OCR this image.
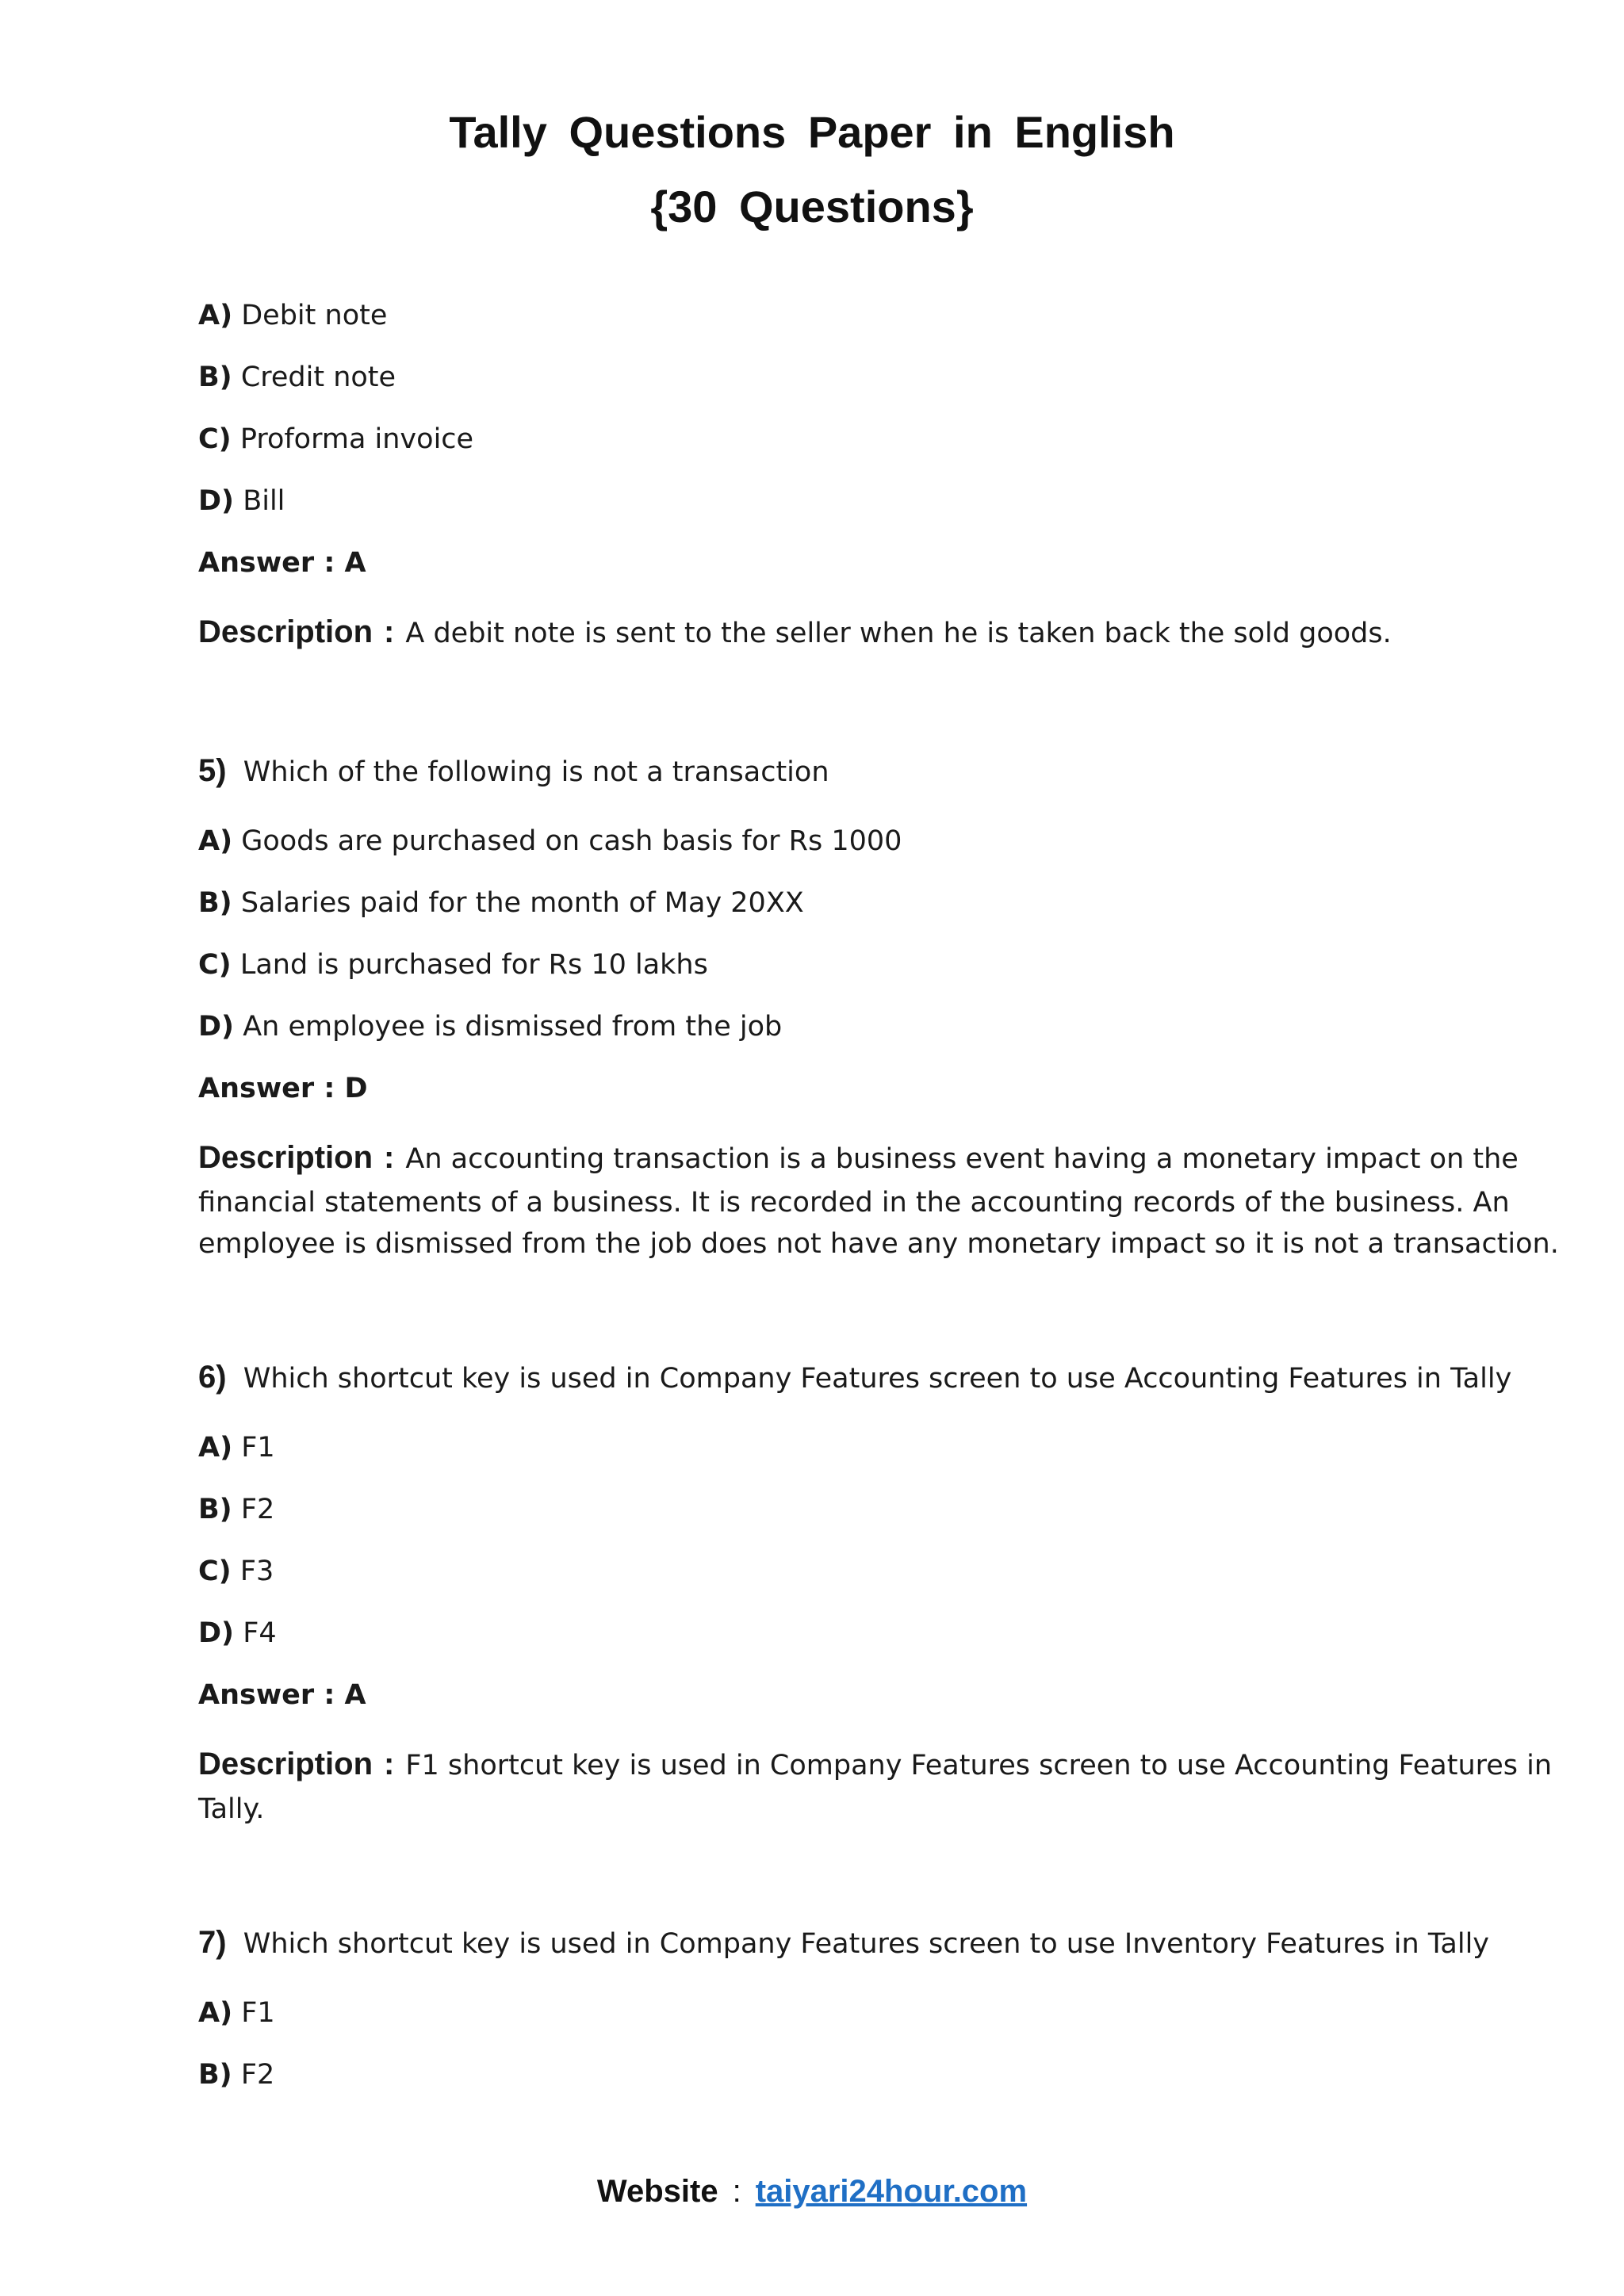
Tally Questions Paper in English
{30 Questions}
A) Debit note
B) Credit note
C) Proforma invoice
D) Bill
Answer : A
Description : A debit note is sent to the seller when he is taken back the sold goods.
5) Which of the following is not a transaction
A) Goods are purchased on cash basis for Rs 1000
B) Salaries paid for the month of May 20XX
C) Land is purchased for Rs 10 lakhs
D) An employee is dismissed from the job
Answer : D
Description : An accounting transaction is a business event having a monetary impact on the
financial statements of a business. It is recorded in the accounting records of the business. An
employee is dismissed from the job does not have any monetary impact so it is not a transaction.
6) Which shortcut key is used in Company Features screen to use Accounting Features in Tally
A) F1
B) F2
C) F3
D) F4
Answer : A
Description : F1 shortcut key is used in Company Features screen to use Accounting Features in
Tally.
7) Which shortcut key is used in Company Features screen to use Inventory Features in Tally
A) F1
B) F2
Website : taiyari24hour.com
